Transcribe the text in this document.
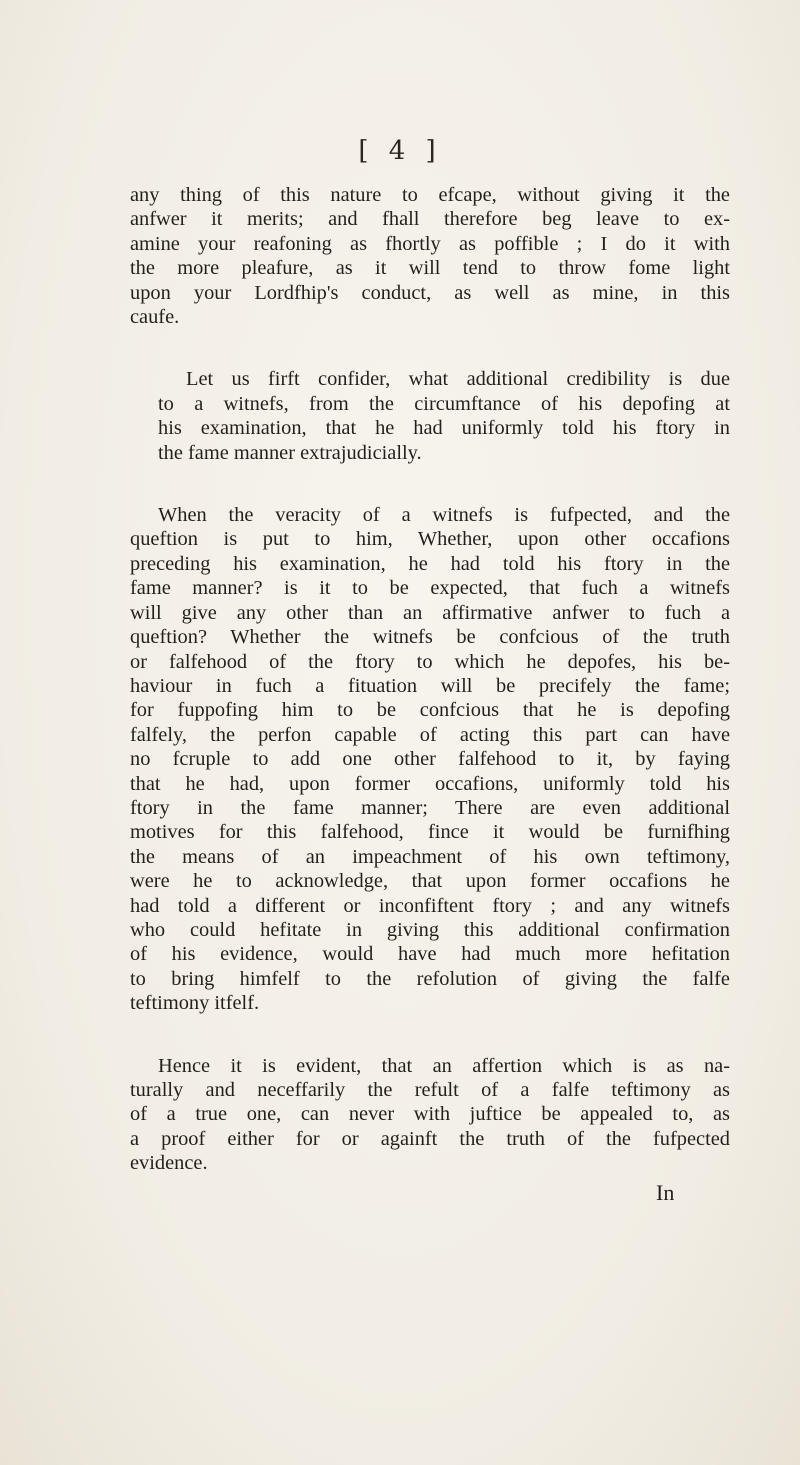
[ 4 ]

any thing of this nature to efcape, without giving it the
anfwer it merits; and fhall therefore beg leave to ex-
amine your reafoning as fhortly as poffible ; I do it with
the more pleafure, as it will tend to throw fome light
upon your Lordfhip's conduct, as well as mine, in this
caufe.

Let us firft confider, what additional credibility is due
to a witnefs, from the circumftance of his depofing at
his examination, that he had uniformly told his ftory in
the fame manner extrajudicially.

When the veracity of a witnefs is fufpected, and the
queftion is put to him, Whether, upon other occafions
preceding his examination, he had told his ftory in the
fame manner? is it to be expected, that fuch a witnefs
will give any other than an affirmative anfwer to fuch a
queftion? Whether the witnefs be confcious of the truth
or falfehood of the ftory to which he depofes, his be-
haviour in fuch a fituation will be precifely the fame;
for fuppofing him to be confcious that he is depofing
falfely, the perfon capable of acting this part can have
no fcruple to add one other falfehood to it, by faying
that he had, upon former occafions, uniformly told his
ftory in the fame manner; There are even additional
motives for this falfehood, fince it would be furnifhing
the means of an impeachment of his own teftimony,
were he to acknowledge, that upon former occafions he
had told a different or inconfiftent ftory ; and any witnefs
who could hefitate in giving this additional confirmation
of his evidence, would have had much more hefitation
to bring himfelf to the refolution of giving the falfe
teftimony itfelf.

Hence it is evident, that an affertion which is as na-
turally and neceffarily the refult of a falfe teftimony as
of a true one, can never with juftice be appealed to, as
a proof either for or againft the truth of the fufpected
evidence.

In
